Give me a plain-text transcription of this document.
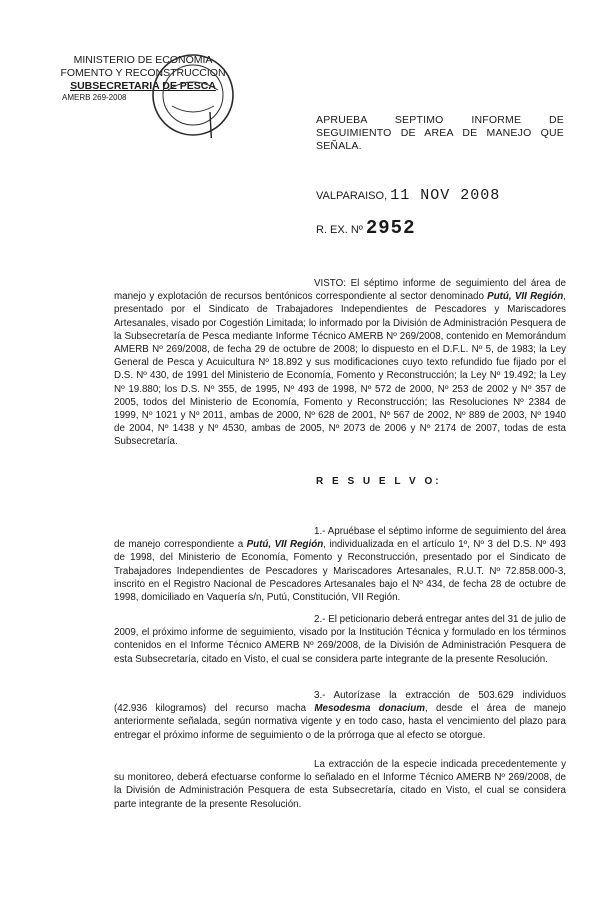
MINISTERIO DE ECONOMIA
FOMENTO Y RECONSTRUCCION
SUBSECRETARIA DE PESCA
AMERB 269-2008
APRUEBA SEPTIMO INFORME DE SEGUIMIENTO DE AREA DE MANEJO QUE SEÑALA.
VALPARAISO, 11 NOV 2008
R. EX. Nº 2952
VISTO: El séptimo informe de seguimiento del área de manejo y explotación de recursos bentónicos correspondiente al sector denominado Putú, VII Región, presentado por el Sindicato de Trabajadores Independientes de Pescadores y Mariscadores Artesanales, visado por Cogestión Limitada; lo informado por la División de Administración Pesquera de la Subsecretaría de Pesca mediante Informe Técnico AMERB Nº 269/2008, contenido en Memorándum AMERB Nº 269/2008, de fecha 29 de octubre de 2008; lo dispuesto en el D.F.L. Nº 5, de 1983; la Ley General de Pesca y Acuicultura Nº 18.892 y sus modificaciones cuyo texto refundido fue fijado por el D.S. Nº 430, de 1991 del Ministerio de Economía, Fomento y Reconstrucción; la Ley Nº 19.492; la Ley Nº 19.880; los D.S. Nº 355, de 1995, Nº 493 de 1998, Nº 572 de 2000, Nº 253 de 2002 y Nº 357 de 2005, todos del Ministerio de Economía, Fomento y Reconstrucción; las Resoluciones Nº 2384 de 1999, Nº 1021 y Nº 2011, ambas de 2000, Nº 628 de 2001, Nº 567 de 2002, Nº 889 de 2003, Nº 1940 de 2004, Nº 1438 y Nº 4530, ambas de 2005, Nº 2073 de 2006 y Nº 2174 de 2007, todas de esta Subsecretaría.
R E S U E L V O:
1.- Apruébase el séptimo informe de seguimiento del área de manejo correspondiente a Putú, VII Región, individualizada en el artículo 1º, Nº 3 del D.S. Nº 493 de 1998, del Ministerio de Economía, Fomento y Reconstrucción, presentado por el Sindicato de Trabajadores Independientes de Pescadores y Mariscadores Artesanales, R.U.T. Nº 72.858.000-3, inscrito en el Registro Nacional de Pescadores Artesanales bajo el Nº 434, de fecha 28 de octubre de 1998, domiciliado en Vaquería s/n, Putú, Constitución, VII Región.
2.- El peticionario deberá entregar antes del 31 de julio de 2009, el próximo informe de seguimiento, visado por la Institución Técnica y formulado en los términos contenidos en el Informe Técnico AMERB Nº 269/2008, de la División de Administración Pesquera de esta Subsecretaría, citado en Visto, el cual se considera parte integrante de la presente Resolución.
3.- Autorízase la extracción de 503.629 individuos (42.936 kilogramos) del recurso macha Mesodesma donacium, desde el área de manejo anteriormente señalada, según normativa vigente y en todo caso, hasta el vencimiento del plazo para entregar el próximo informe de seguimiento o de la prórroga que al efecto se otorgue.
La extracción de la especie indicada precedentemente y su monitoreo, deberá efectuarse conforme lo señalado en el Informe Técnico AMERB Nº 269/2008, de la División de Administración Pesquera de esta Subsecretaría, citado en Visto, el cual se considera parte integrante de la presente Resolución.
